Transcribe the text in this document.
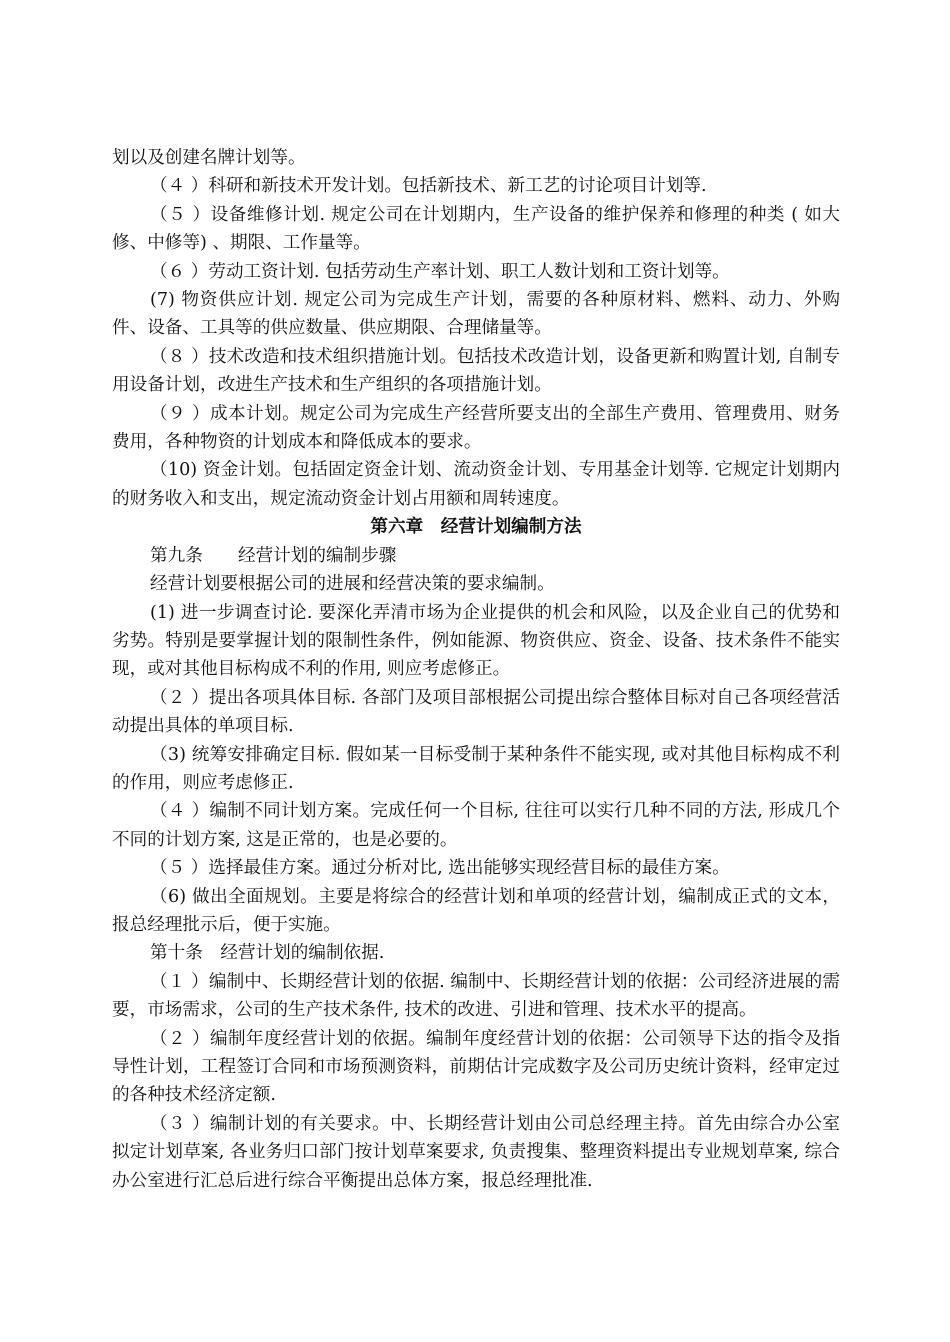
划以及创建名牌计划等。

（４ ）科研和新技术开发计划。包括新技术、新工艺的讨论项目计划等.

（５ ）设备维修计划. 规定公司在计划期内，生产设备的维护保养和修理的种类 ( 如大修、中修等) 、期限、工作量等。

（６ ）劳动工资计划. 包括劳动生产率计划、职工人数计划和工资计划等。

(7) 物资供应计划. 规定公司为完成生产计划，需要的各种原材料、燃料、动力、外购件、设备、工具等的供应数量、供应期限、合理储量等。

（８ ）技术改造和技术组织措施计划。包括技术改造计划，设备更新和购置计划, 自制专用设备计划，改进生产技术和生产组织的各项措施计划。

（９ ）成本计划。规定公司为完成生产经营所要支出的全部生产费用、管理费用、财务费用，各种物资的计划成本和降低成本的要求。

（10) 资金计划。包括固定资金计划、流动资金计划、专用基金计划等. 它规定计划期内的财务收入和支出，规定流动资金计划占用额和周转速度。

第六章　经营计划编制方法

第九条　　经营计划的编制步骤

经营计划要根据公司的进展和经营决策的要求编制。

(1) 进一步调查讨论. 要深化弄清市场为企业提供的机会和风险，以及企业自己的优势和劣势。特别是要掌握计划的限制性条件，例如能源、物资供应、资金、设备、技术条件不能实现，或对其他目标构成不利的作用, 则应考虑修正。

（２ ）提出各项具体目标. 各部门及项目部根据公司提出综合整体目标对自己各项经营活动提出具体的单项目标.

（3) 统筹安排确定目标. 假如某一目标受制于某种条件不能实现, 或对其他目标构成不利的作用，则应考虑修正.

（４ ）编制不同计划方案。完成任何一个目标, 往往可以实行几种不同的方法, 形成几个不同的计划方案, 这是正常的，也是必要的。

（５ ）选择最佳方案。通过分析对比, 选出能够实现经营目标的最佳方案。

（6) 做出全面规划。主要是将综合的经营计划和单项的经营计划，编制成正式的文本，报总经理批示后，便于实施。

第十条　经营计划的编制依据.

（１ ）编制中、长期经营计划的依据. 编制中、长期经营计划的依据：公司经济进展的需要，市场需求，公司的生产技术条件, 技术的改进、引进和管理、技术水平的提高。

（２ ）编制年度经营计划的依据。编制年度经营计划的依据：公司领导下达的指令及指导性计划，工程签订合同和市场预测资料，前期估计完成数字及公司历史统计资料，经审定过的各种技术经济定额.

（３ ）编制计划的有关要求。中、长期经营计划由公司总经理主持。首先由综合办公室拟定计划草案, 各业务归口部门按计划草案要求, 负责搜集、整理资料提出专业规划草案, 综合办公室进行汇总后进行综合平衡提出总体方案，报总经理批准.
